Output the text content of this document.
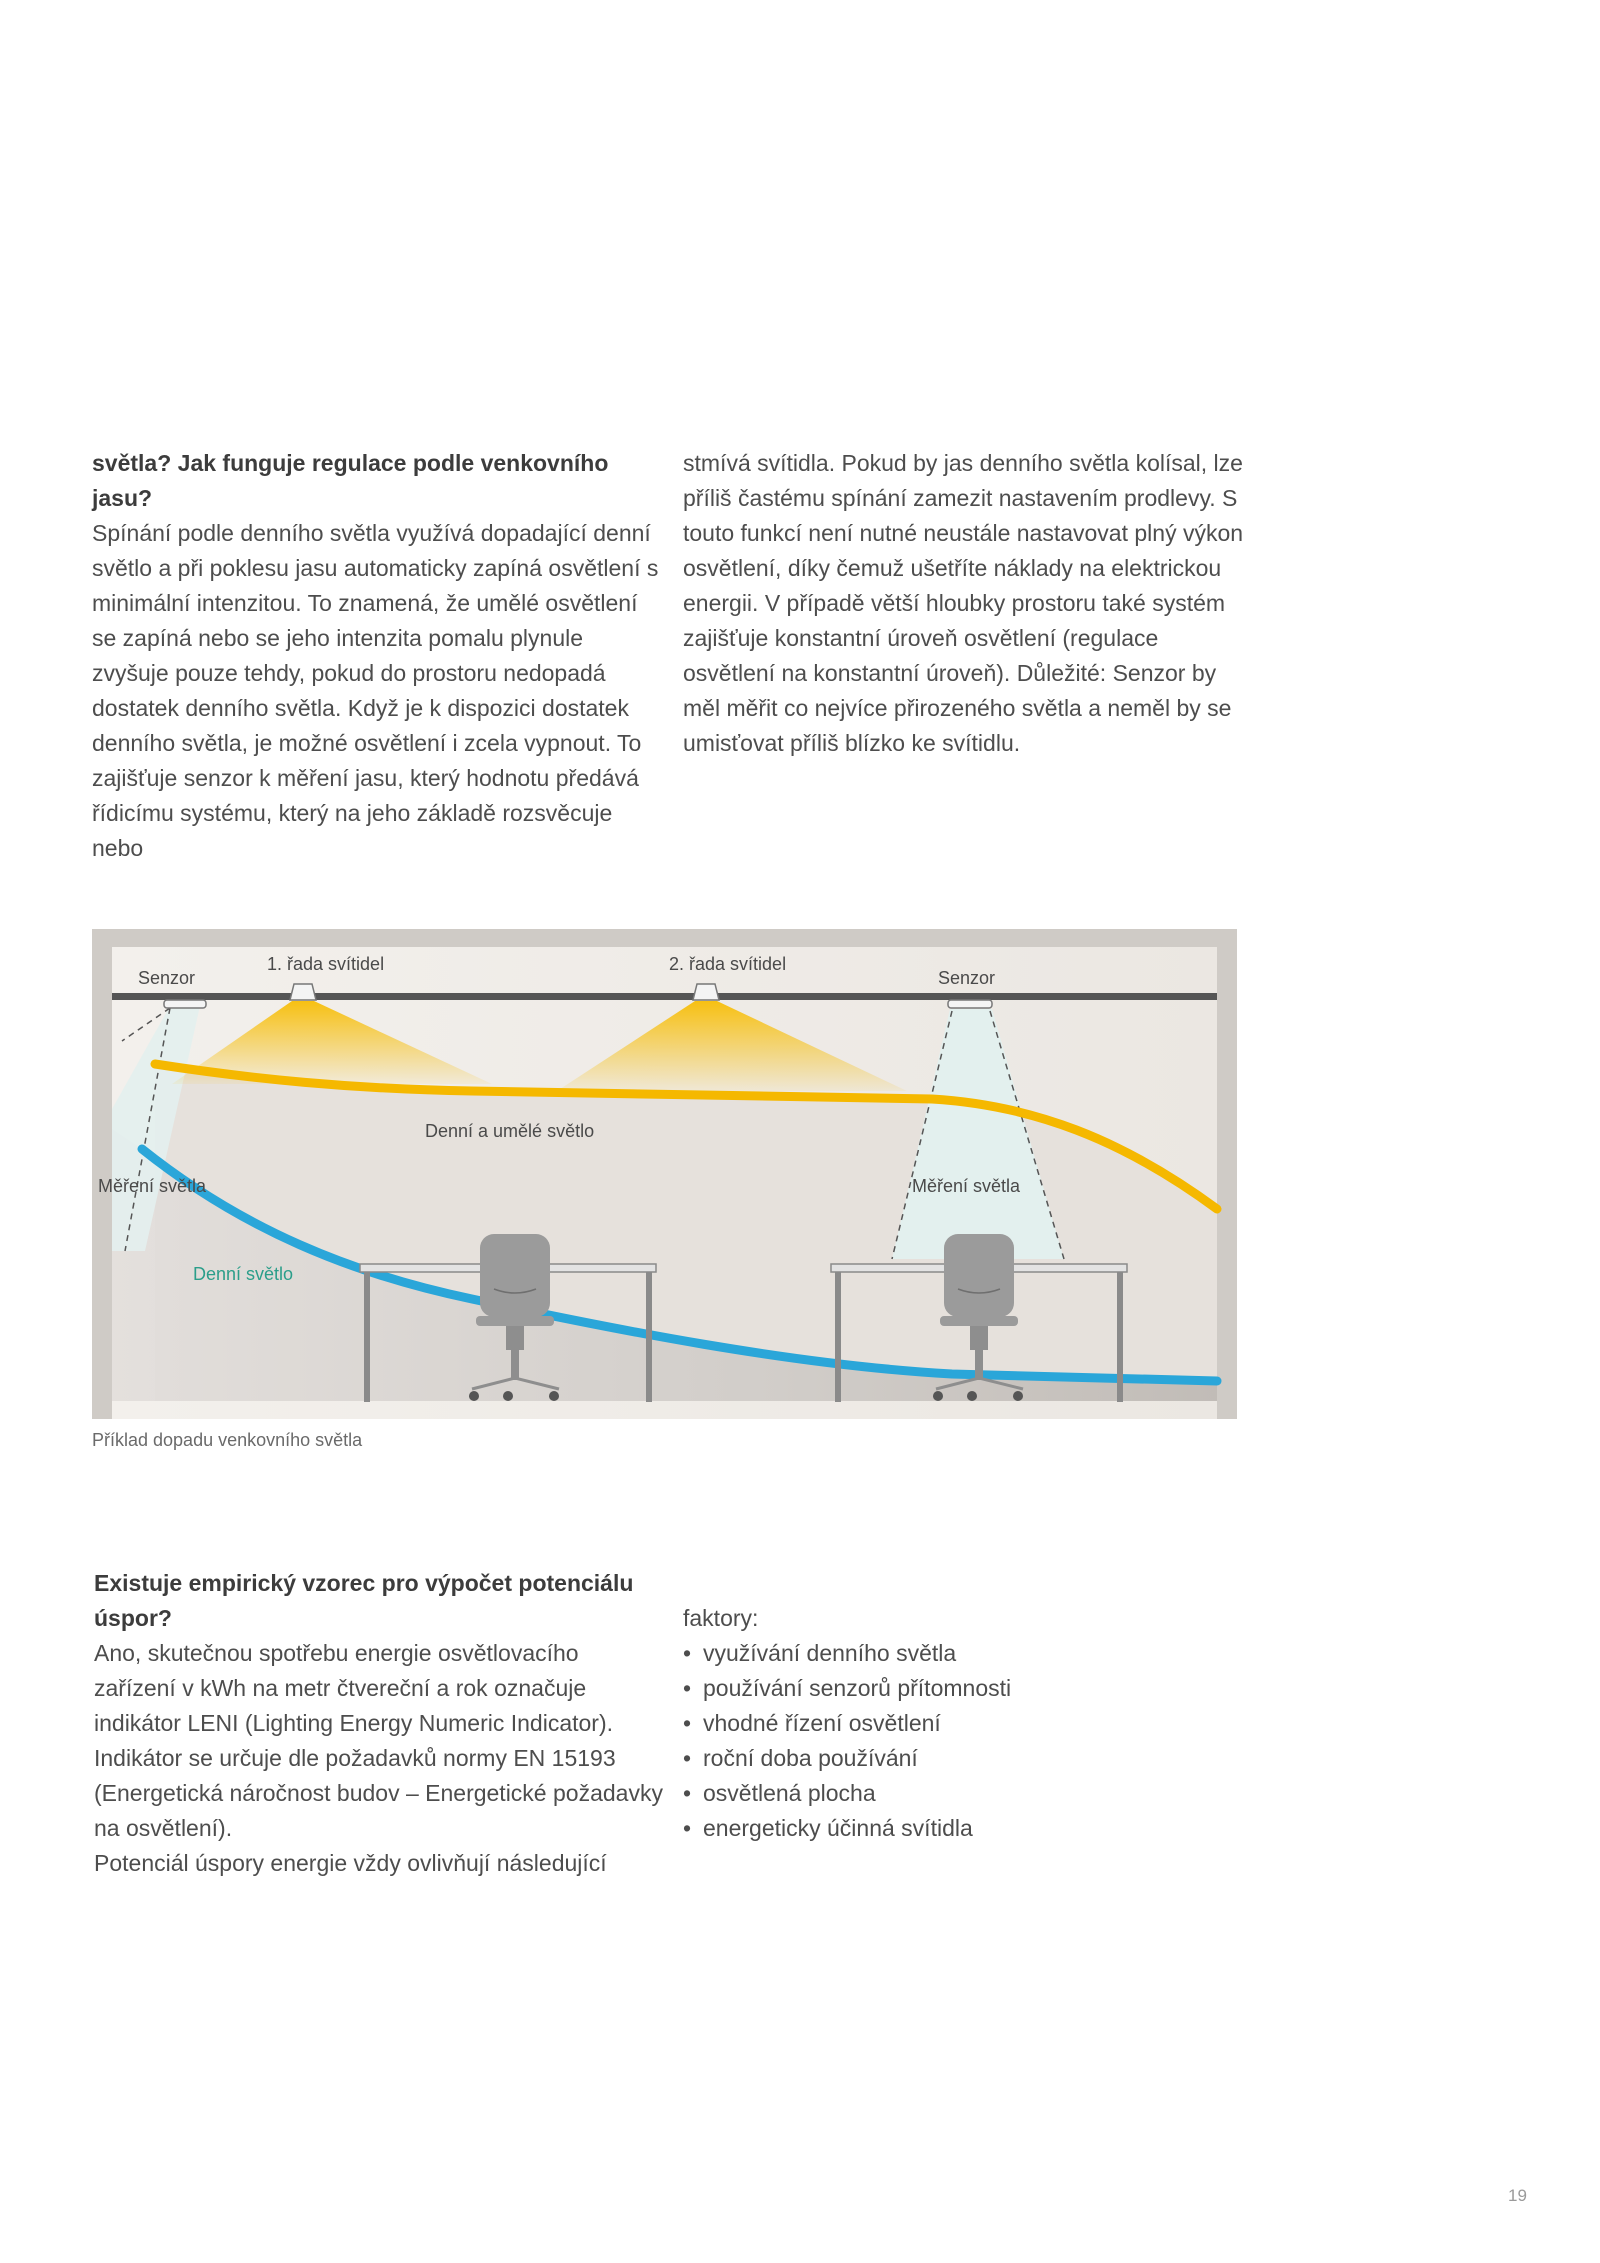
světla? Jak funguje regulace podle venkovního jasu?

Spínání podle denního světla využívá dopadající denní světlo a při poklesu jasu automaticky zapíná osvětlení s minimální intenzitou. To znamená, že umělé osvětlení se zapíná nebo se jeho intenzita pomalu plynule zvyšuje pouze tehdy, pokud do prostoru nedopadá dostatek denního světla. Když je k dispozici dostatek denního světla, je možné osvětlení i zcela vypnout. To zajišťuje senzor k měření jasu, který hodnotu předává řídicímu systému, který na jeho základě rozsvěcuje nebo

stmívá svítidla. Pokud by jas denního světla kolísal, lze příliš častému spínání zamezit nastavením prodlevy. S touto funkcí není nutné neustále nastavovat plný výkon osvětlení, díky čemuž ušetříte náklady na elektrickou energii. V případě větší hloubky prostoru také systém zajišťuje konstantní úroveň osvětlení (regulace osvětlení na konstantní úroveň). Důležité: Senzor by měl měřit co nejvíce přirozeného světla a neměl by se umisťovat příliš blízko ke svítidlu.

Senzor
1. řada svítidel	2. řada svítidel
Senzor
Denní a umělé světlo
Měření světla	Měření světla
Denní světlo
Příklad dopadu venkovního světla

Existuje empirický vzorec pro výpočet potenciálu úspor?

Ano, skutečnou spotřebu energie osvětlovacího zařízení v kWh na metr čtvereční a rok označuje indikátor LENI (Lighting Energy Numeric Indicator). Indikátor se určuje dle požadavků normy EN 15193 (Energetická náročnost budov – Energetické požadavky na osvětlení).

Potenciál úspory energie vždy ovlivňují následující

faktory:

• využívání denního světla
• používání senzorů přítomnosti
• vhodné řízení osvětlení
• roční doba používání
• osvětlená plocha
• energeticky účinná svítidla
19
